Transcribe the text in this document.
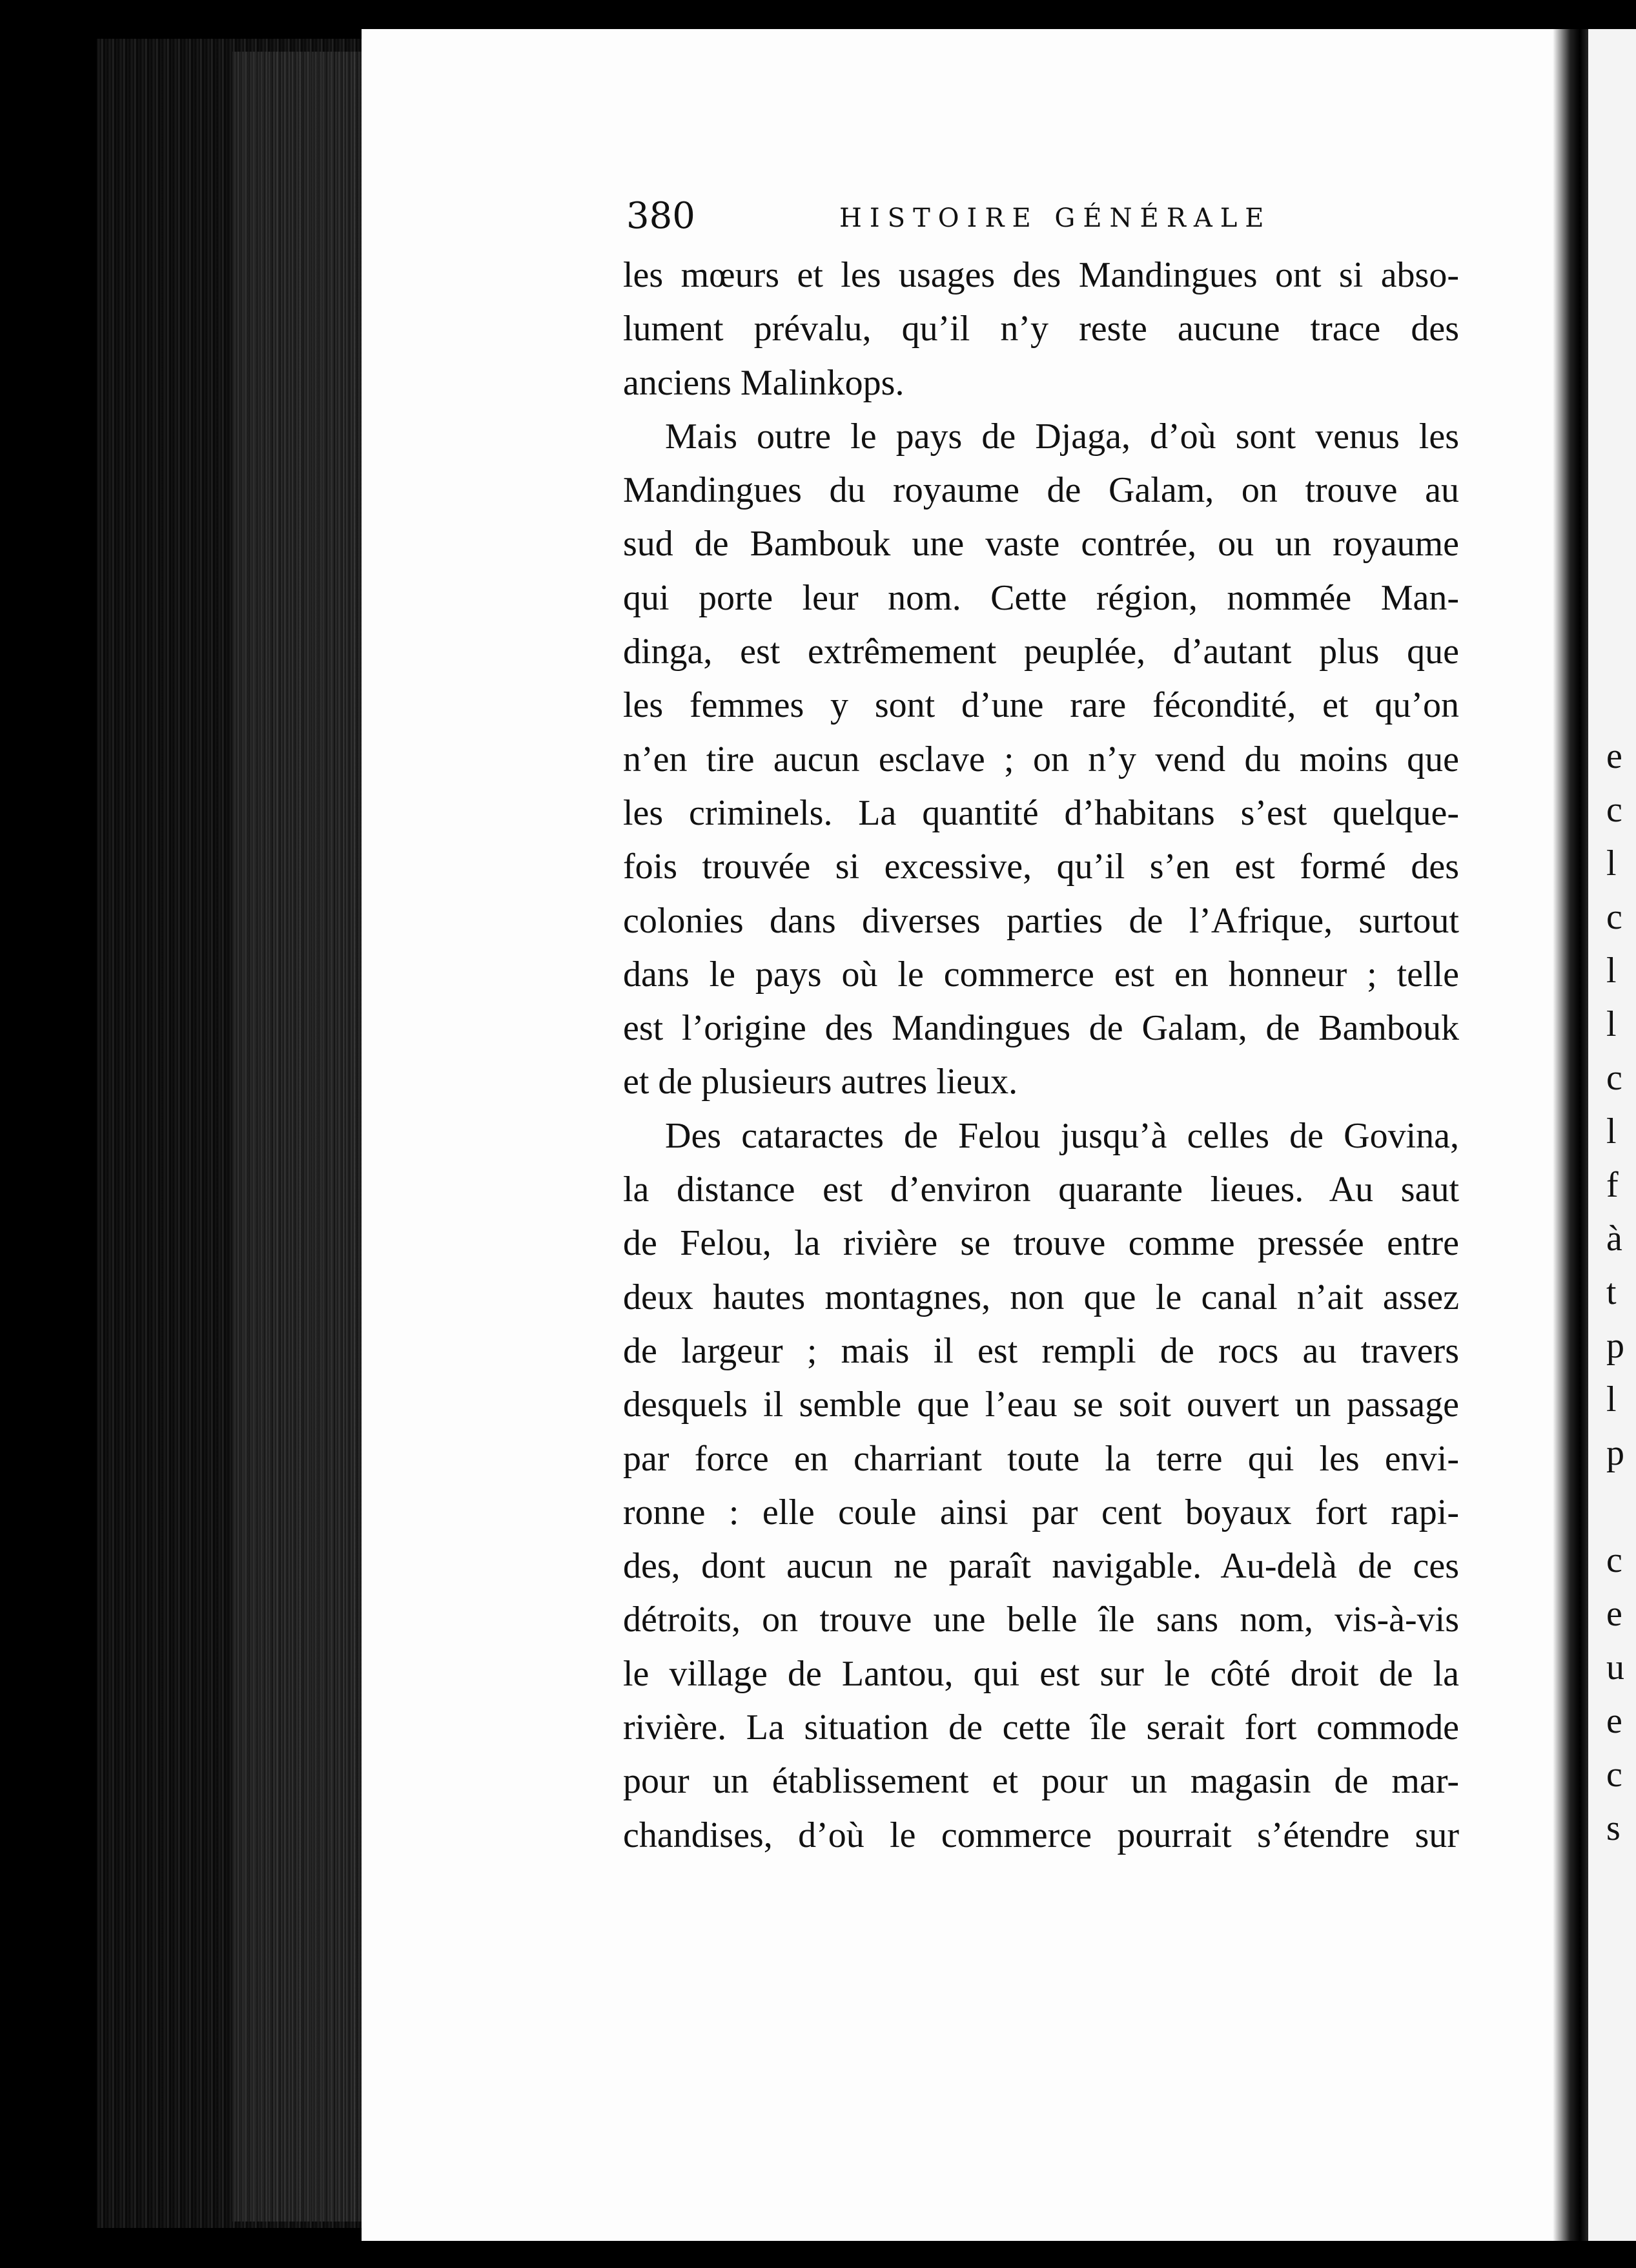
380	HISTOIRE GÉNÉRALE
les mœurs et les usages des Mandingues ont si abso-
lument prévalu, qu’il n’y reste aucune trace des
anciens Malinkops.
Mais outre le pays de Djaga, d’où sont venus les
Mandingues du royaume de Galam, on trouve au
sud de Bambouk une vaste contrée, ou un royaume
qui porte leur nom. Cette région, nommée Man-
dinga, est extrêmement peuplée, d’autant plus que
les femmes y sont d’une rare fécondité, et qu’on
n’en tire aucun esclave ; on n’y vend du moins que
les criminels. La quantité d’habitans s’est quelque-
fois trouvée si excessive, qu’il s’en est formé des
colonies dans diverses parties de l’Afrique, surtout
dans le pays où le commerce est en honneur ; telle
est l’origine des Mandingues de Galam, de Bambouk
et de plusieurs autres lieux.
Des cataractes de Felou jusqu’à celles de Govina,
la distance est d’environ quarante lieues. Au saut
de Felou, la rivière se trouve comme pressée entre
deux hautes montagnes, non que le canal n’ait assez
de largeur ; mais il est rempli de rocs au travers
desquels il semble que l’eau se soit ouvert un passage
par force en charriant toute la terre qui les envi-
ronne : elle coule ainsi par cent boyaux fort rapi-
des, dont aucun ne paraît navigable. Au-delà de ces
détroits, on trouve une belle île sans nom, vis-à-vis
le village de Lantou, qui est sur le côté droit de la
rivière. La situation de cette île serait fort commode
pour un établissement et pour un magasin de mar-
chandises, d’où le commerce pourrait s’étendre sur
e
c
l
c
l
l
c
l
f
à
t
p
l
p
c
e
u
e
c
s
